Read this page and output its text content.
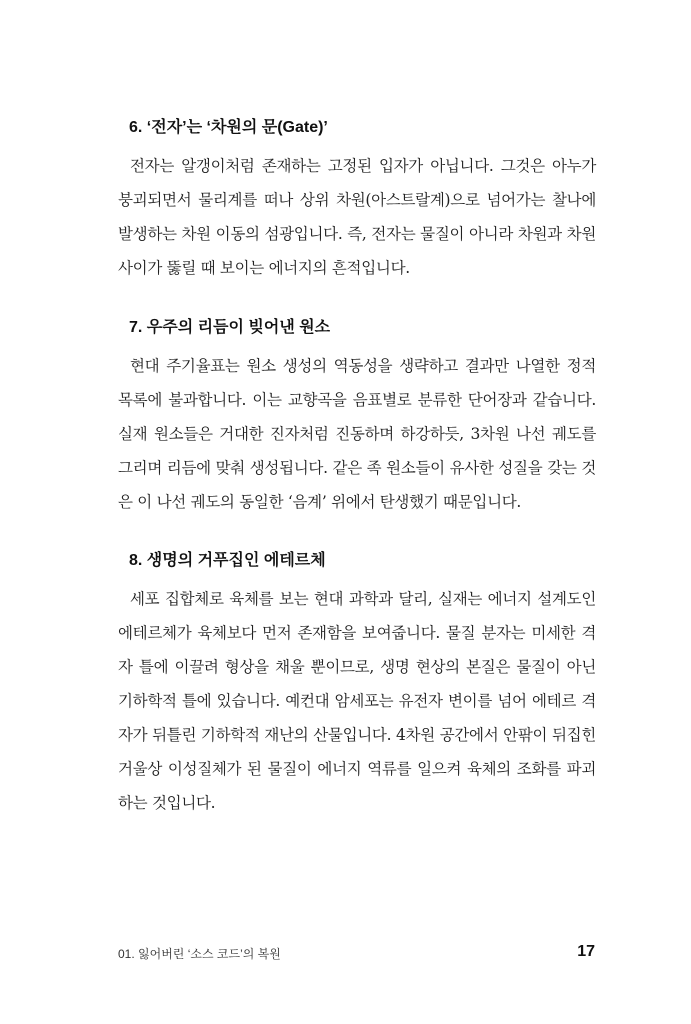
6. ‘전자’는 ‘차원의 문(Gate)’

전자는 알갱이처럼 존재하는 고정된 입자가 아닙니다. 그것은 아누가 붕괴되면서 물리계를 떠나 상위 차원(아스트랄계)으로 넘어가는 찰나에 발생하는 차원 이동의 섬광입니다. 즉, 전자는 물질이 아니라 차원과 차원 사이가 뚫릴 때 보이는 에너지의 흔적입니다.

7. 우주의 리듬이 빚어낸 원소

현대 주기율표는 원소 생성의 역동성을 생략하고 결과만 나열한 정적 목록에 불과합니다. 이는 교향곡을 음표별로 분류한 단어장과 같습니다. 실재 원소들은 거대한 진자처럼 진동하며 하강하듯, 3차원 나선 궤도를 그리며 리듬에 맞춰 생성됩니다. 같은 족 원소들이 유사한 성질을 갖는 것은 이 나선 궤도의 동일한 ‘음계’ 위에서 탄생했기 때문입니다.

8. 생명의 거푸집인 에테르체

세포 집합체로 육체를 보는 현대 과학과 달리, 실재는 에너지 설계도인 에테르체가 육체보다 먼저 존재함을 보여줍니다. 물질 분자는 미세한 격자 틀에 이끌려 형상을 채울 뿐이므로, 생명 현상의 본질은 물질이 아닌 기하학적 틀에 있습니다. 예컨대 암세포는 유전자 변이를 넘어 에테르 격자가 뒤틀린 기하학적 재난의 산물입니다. 4차원 공간에서 안팎이 뒤집힌 거울상 이성질체가 된 물질이 에너지 역류를 일으켜 육체의 조화를 파괴하는 것입니다.

01. 잃어버린 ‘소스 코드’의 복원	17
